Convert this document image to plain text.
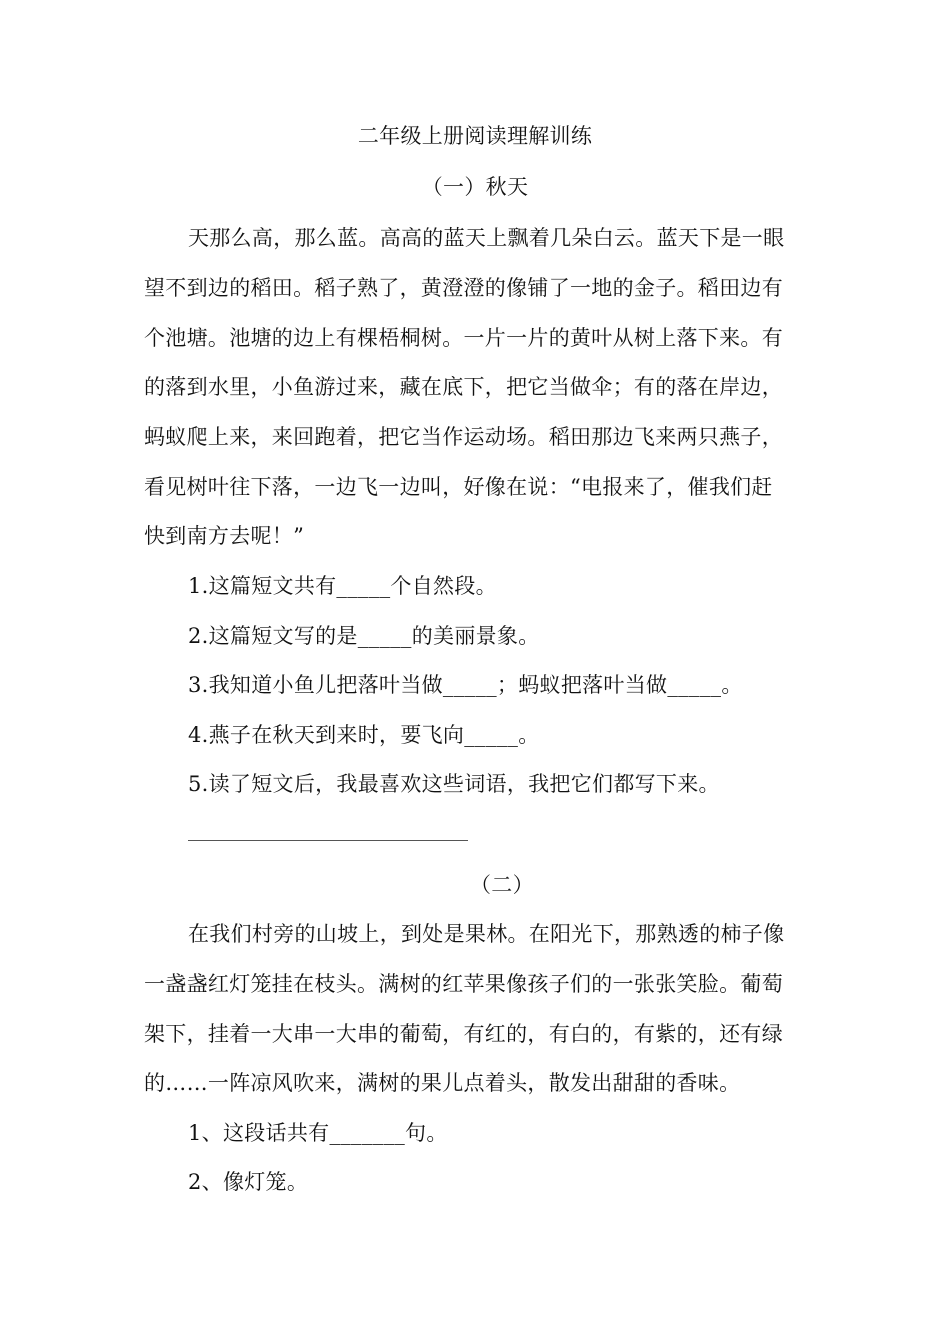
二年级上册阅读理解训练
（一）秋天
天那么高，那么蓝。高高的蓝天上飘着几朵白云。蓝天下是一眼
望不到边的稻田。稻子熟了，黄澄澄的像铺了一地的金子。稻田边有
个池塘。池塘的边上有棵梧桐树。一片一片的黄叶从树上落下来。有
的落到水里，小鱼游过来，藏在底下，把它当做伞；有的落在岸边，
蚂蚁爬上来，来回跑着，把它当作运动场。稻田那边飞来两只燕子，
看见树叶往下落，一边飞一边叫，好像在说：“电报来了，催我们赶
快到南方去呢！”
1.这篇短文共有_____个自然段。
2.这篇短文写的是_____的美丽景象。
3.我知道小鱼儿把落叶当做_____；蚂蚁把落叶当做_____。
4.燕子在秋天到来时，要飞向_____。
5.读了短文后，我最喜欢这些词语，我把它们都写下来。
（二）
在我们村旁的山坡上，到处是果林。在阳光下，那熟透的柿子像
一盏盏红灯笼挂在枝头。满树的红苹果像孩子们的一张张笑脸。葡萄
架下，挂着一大串一大串的葡萄，有红的，有白的，有紫的，还有绿
的……一阵凉风吹来，满树的果儿点着头，散发出甜甜的香味。
1、这段话共有_______句。
2、像灯笼。
